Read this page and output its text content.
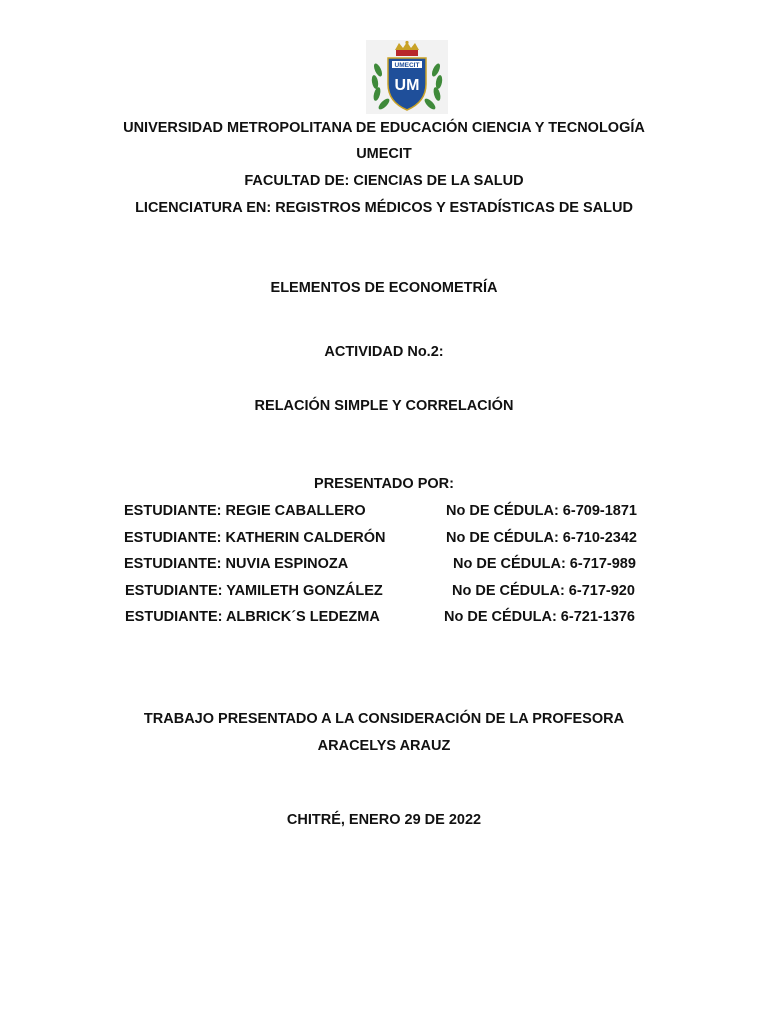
UMECIT
UM
UNIVERSIDAD METROPOLITANA DE EDUCACIÓN CIENCIA Y TECNOLOGÍA
UMECIT
FACULTAD DE: CIENCIAS DE LA SALUD
LICENCIATURA EN: REGISTROS MÉDICOS Y ESTADÍSTICAS DE SALUD
ELEMENTOS DE ECONOMETRÍA
ACTIVIDAD No.2:
RELACIÓN SIMPLE Y CORRELACIÓN
PRESENTADO POR:
ESTUDIANTE: REGIE CABALLERO	No DE CÉDULA: 6-709-1871
ESTUDIANTE: KATHERIN CALDERÓN	No DE CÉDULA: 6-710-2342
ESTUDIANTE: NUVIA ESPINOZA	No DE CÉDULA: 6-717-989
ESTUDIANTE: YAMILETH GONZÁLEZ	No DE CÉDULA: 6-717-920
ESTUDIANTE: ALBRICK´S LEDEZMA	No DE CÉDULA: 6-721-1376
TRABAJO PRESENTADO A LA CONSIDERACIÓN DE LA PROFESORA
ARACELYS ARAUZ
CHITRÉ, ENERO 29 DE 2022
